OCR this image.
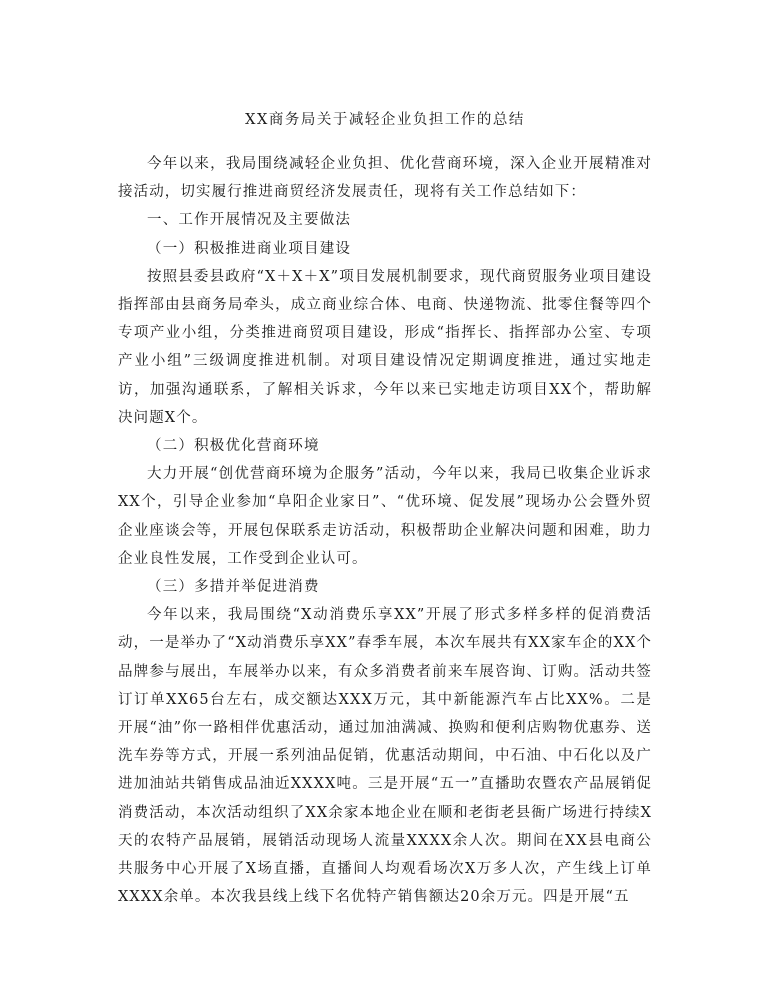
XX商务局关于减轻企业负担工作的总结

今年以来，我局围绕减轻企业负担、优化营商环境，深入企业开展精准对接活动，切实履行推进商贸经济发展责任，现将有关工作总结如下：

一、工作开展情况及主要做法

（一）积极推进商业项目建设

按照县委县政府“X＋X＋X”项目发展机制要求，现代商贸服务业项目建设指挥部由县商务局牵头，成立商业综合体、电商、快递物流、批零住餐等四个专项产业小组，分类推进商贸项目建设，形成“指挥长、指挥部办公室、专项产业小组”三级调度推进机制。对项目建设情况定期调度推进，通过实地走访，加强沟通联系，了解相关诉求，今年以来已实地走访项目XX个，帮助解决问题X个。

（二）积极优化营商环境

大力开展“创优营商环境为企服务”活动，今年以来，我局已收集企业诉求XX个，引导企业参加“阜阳企业家日”、“优环境、促发展”现场办公会暨外贸企业座谈会等，开展包保联系走访活动，积极帮助企业解决问题和困难，助力企业良性发展，工作受到企业认可。

（三）多措并举促进消费

今年以来，我局围绕“X动消费乐享XX”开展了形式多样多样的促消费活动，一是举办了“X动消费乐享XX”春季车展，本次车展共有XX家车企的XX个品牌参与展出，车展举办以来，有众多消费者前来车展咨询、订购。活动共签订订单XX65台左右，成交额达XXX万元，其中新能源汽车占比XX%。二是开展“油”你一路相伴优惠活动，通过加油满减、换购和便利店购物优惠券、送洗车券等方式，开展一系列油品促销，优惠活动期间，中石油、中石化以及广进加油站共销售成品油近XXXX吨。三是开展“五一”直播助农暨农产品展销促消费活动，本次活动组织了XX余家本地企业在顺和老街老县衙广场进行持续X天的农特产品展销，展销活动现场人流量XXXX余人次。期间在XX县电商公共服务中心开展了X场直播，直播间人均观看场次X万多人次，产生线上订单XXXX余单。本次我县线上线下名优特产销售额达20余万元。四是开展“五
